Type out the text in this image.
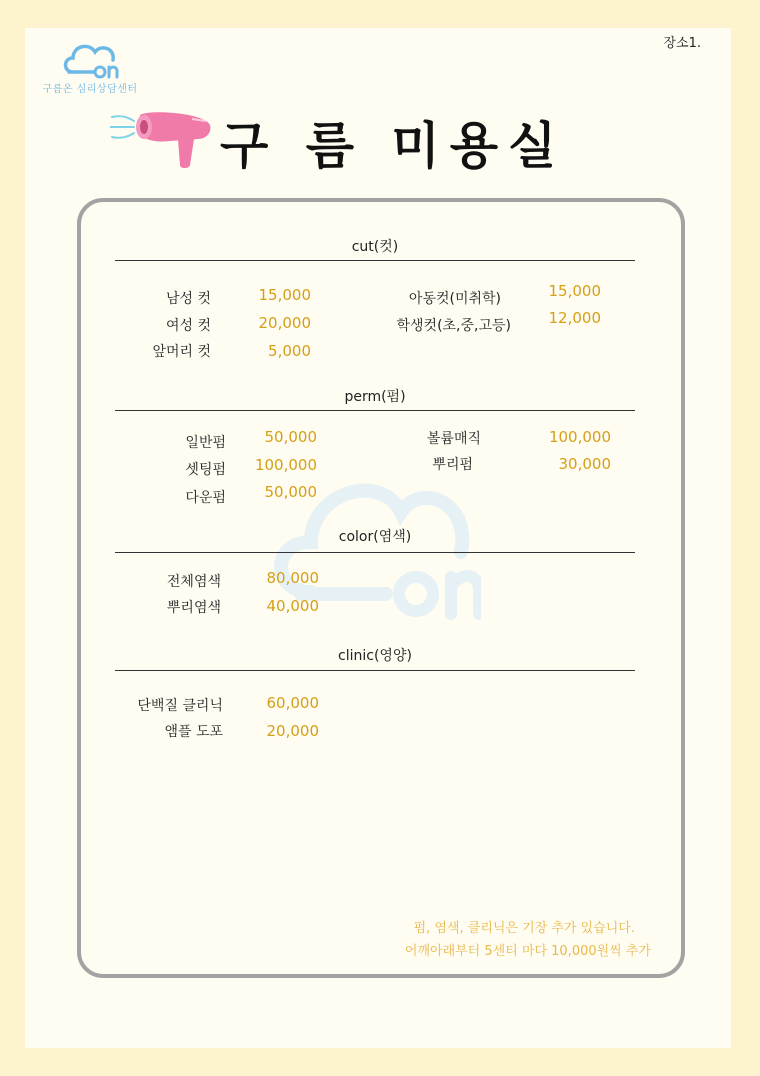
장소1.
구름온 심리상담센터
구 름 미용실
cut(컷)
남성 컷	15,000
여성 컷	20,000
앞머리 컷	5,000
아동컷(미취학)	15,000
학생컷(초,중,고등)	12,000
perm(펌)
일반펌	50,000
셋팅펌	100,000
다운펌	50,000
볼륨매직	100,000
뿌리펌	30,000
color(염색)
전체염색	80,000
뿌리염색	40,000
clinic(영양)
단백질 클리닉	60,000
앰플 도포	20,000
펌, 염색, 클리닉은 기장 추가 있습니다.
어깨아래부터 5센티 마다 10,000원씩 추가
